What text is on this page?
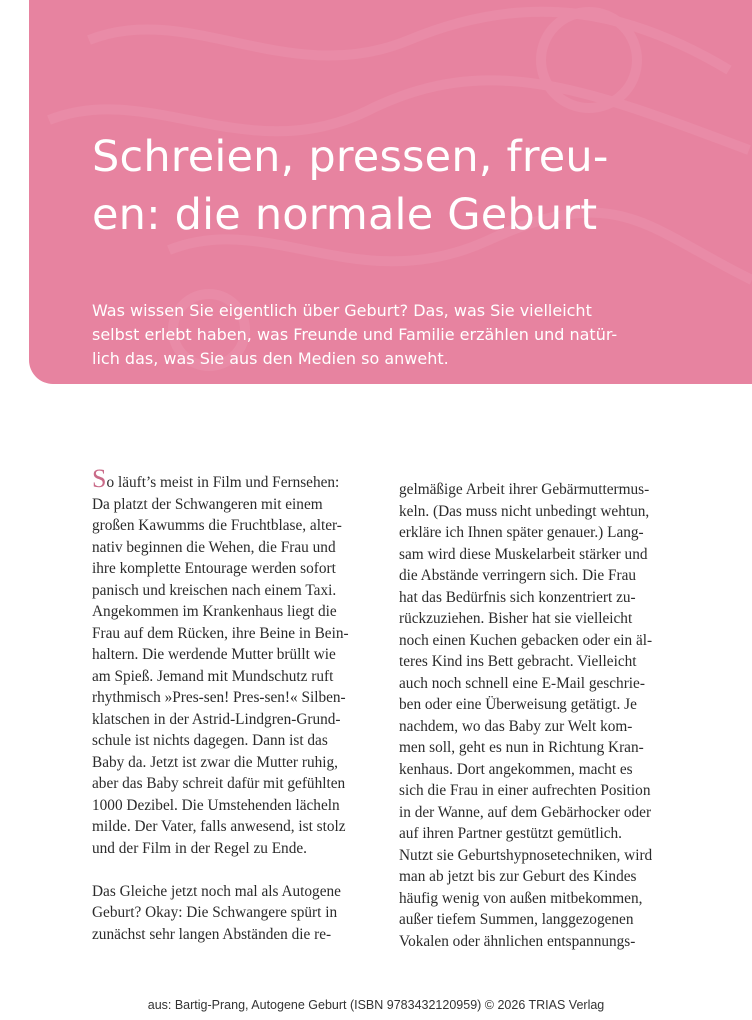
Schreien, pressen, freu-
en: die normale Geburt

Was wissen Sie eigentlich über Geburt? Das, was Sie vielleicht
selbst erlebt haben, was Freunde und Familie erzählen und natür-
lich das, was Sie aus den Medien so anweht.

So läuft’s meist in Film und Fernsehen:
Da platzt der Schwangeren mit einem
großen Kawumms die Fruchtblase, alter-
nativ beginnen die Wehen, die Frau und
ihre komplette Entourage werden sofort
panisch und kreischen nach einem Taxi.
Angekommen im Krankenhaus liegt die
Frau auf dem Rücken, ihre Beine in Bein-
haltern. Die werdende Mutter brüllt wie
am Spieß. Jemand mit Mundschutz ruft
rhythmisch »Pres-sen! Pres-sen!« Silben-
klatschen in der Astrid-Lindgren-Grund-
schule ist nichts dagegen. Dann ist das
Baby da. Jetzt ist zwar die Mutter ruhig,
aber das Baby schreit dafür mit gefühlten
1000 Dezibel. Die Umstehenden lächeln
milde. Der Vater, falls anwesend, ist stolz
und der Film in der Regel zu Ende.
Das Gleiche jetzt noch mal als Autogene
Geburt? Okay: Die Schwangere spürt in
zunächst sehr langen Abständen die re-
gelmäßige Arbeit ihrer Gebärmuttermus-
keln. (Das muss nicht unbedingt wehtun,
erkläre ich Ihnen später genauer.) Lang-
sam wird diese Muskelarbeit stärker und
die Abstände verringern sich. Die Frau
hat das Bedürfnis sich konzentriert zu-
rückzuziehen. Bisher hat sie vielleicht
noch einen Kuchen gebacken oder ein äl-
teres Kind ins Bett gebracht. Vielleicht
auch noch schnell eine E-Mail geschrie-
ben oder eine Überweisung getätigt. Je
nachdem, wo das Baby zur Welt kom-
men soll, geht es nun in Richtung Kran-
kenhaus. Dort angekommen, macht es
sich die Frau in einer aufrechten Position
in der Wanne, auf dem Gebärhocker oder
auf ihren Partner gestützt gemütlich.
Nutzt sie Geburtshypnosetechniken, wird
man ab jetzt bis zur Geburt des Kindes
häufig wenig von außen mitbekommen,
außer tiefem Summen, langgezogenen
Vokalen oder ähnlichen entspannungs-
aus: Bartig-Prang, Autogene Geburt (ISBN 9783432120959) © 2026 TRIAS Verlag
